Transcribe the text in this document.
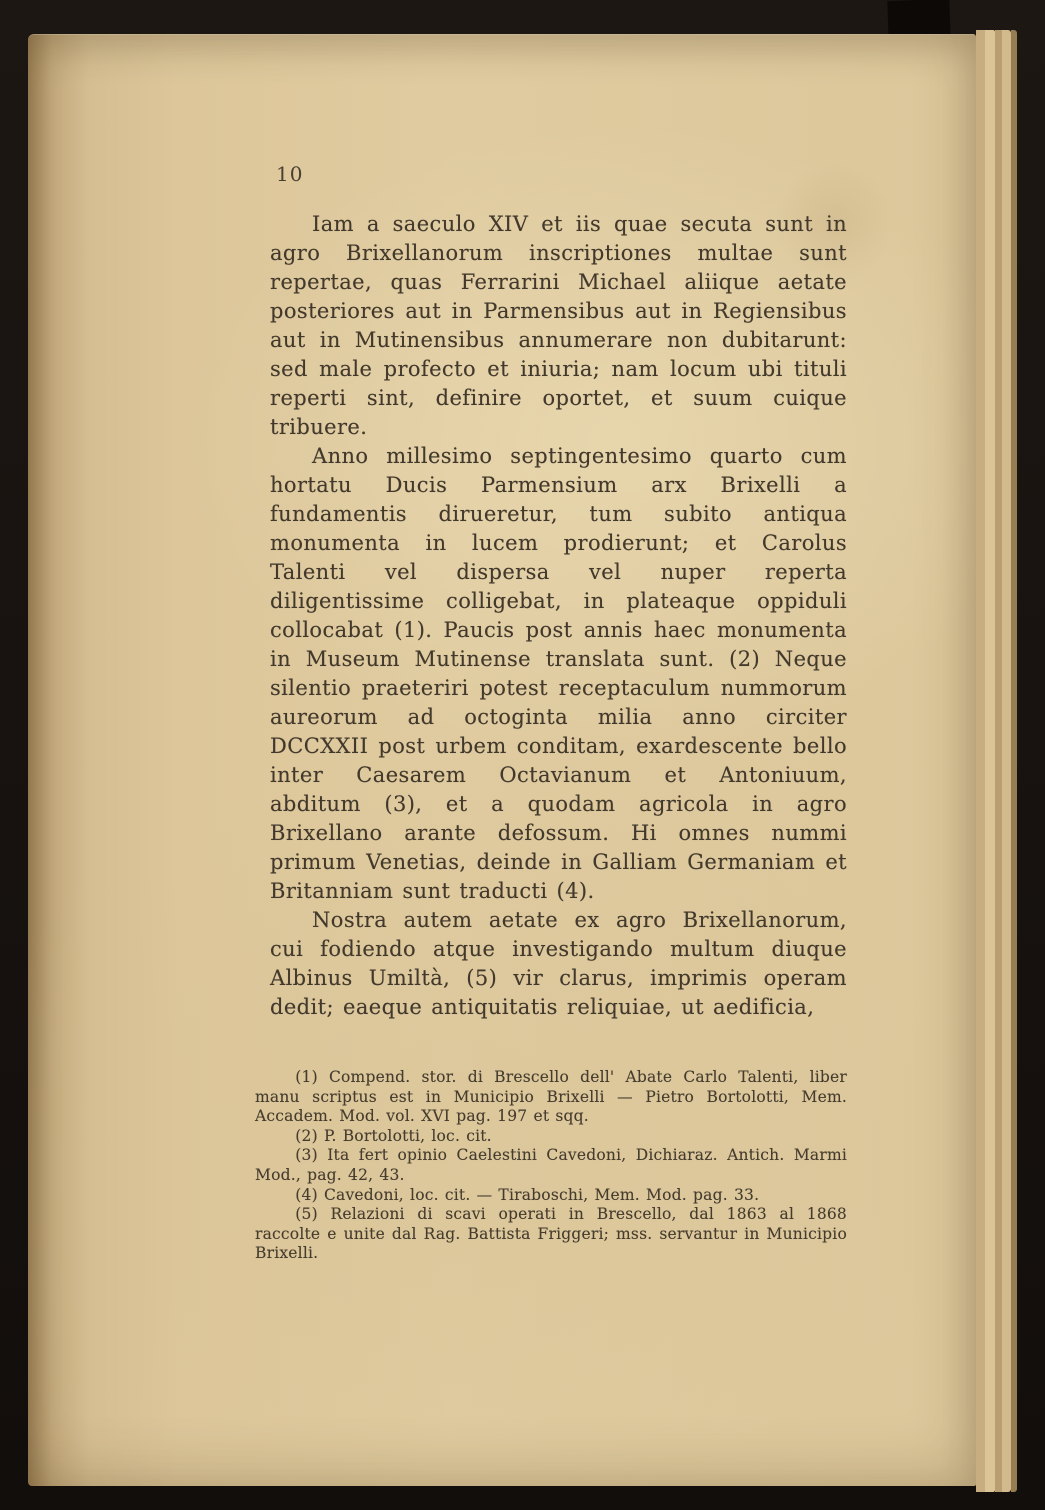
10

Iam a saeculo XIV et iis quae secuta sunt in agro Brixellanorum inscriptiones multae sunt repertae, quas Ferrarini Michael aliique aetate posteriores aut in Parmensibus aut in Regiensibus aut in Mutinensibus annumerare non dubitarunt: sed male profecto et iniuria; nam locum ubi tituli reperti sint, definire oportet, et suum cuique tribuere.

Anno millesimo septingentesimo quarto cum hortatu Ducis Parmensium arx Brixelli a fundamentis dirueretur, tum subito antiqua monumenta in lucem prodierunt; et Carolus Talenti vel dispersa vel nuper reperta diligentissime colligebat, in plateaque oppiduli collocabat (1). Paucis post annis haec monumenta in Museum Mutinense translata sunt. (2) Neque silentio praeteriri potest receptaculum nummorum aureorum ad octoginta milia anno circiter DCCXXII post urbem conditam, exardescente bello inter Caesarem Octavianum et Antoniuum, abditum (3), et a quodam agricola in agro Brixellano arante defossum. Hi omnes nummi primum Venetias, deinde in Galliam Germaniam et Britanniam sunt traducti (4).

Nostra autem aetate ex agro Brixellanorum, cui fodiendo atque investigando multum diuque Albinus Umiltà, (5) vir clarus, imprimis operam dedit; eaeque antiquitatis reliquiae, ut aedificia,

(1) Compend. stor. di Brescello dell' Abate Carlo Talenti, liber manu scriptus est in Municipio Brixelli — Pietro Bortolotti, Mem. Accadem. Mod. vol. XVI pag. 197 et sqq.

(2) P. Bortolotti, loc. cit.

(3) Ita fert opinio Caelestini Cavedoni, Dichiaraz. Antich. Marmi Mod., pag. 42, 43.

(4) Cavedoni, loc. cit. — Tiraboschi, Mem. Mod. pag. 33.

(5) Relazioni di scavi operati in Brescello, dal 1863 al 1868 raccolte e unite dal Rag. Battista Friggeri; mss. servantur in Municipio Brixelli.
